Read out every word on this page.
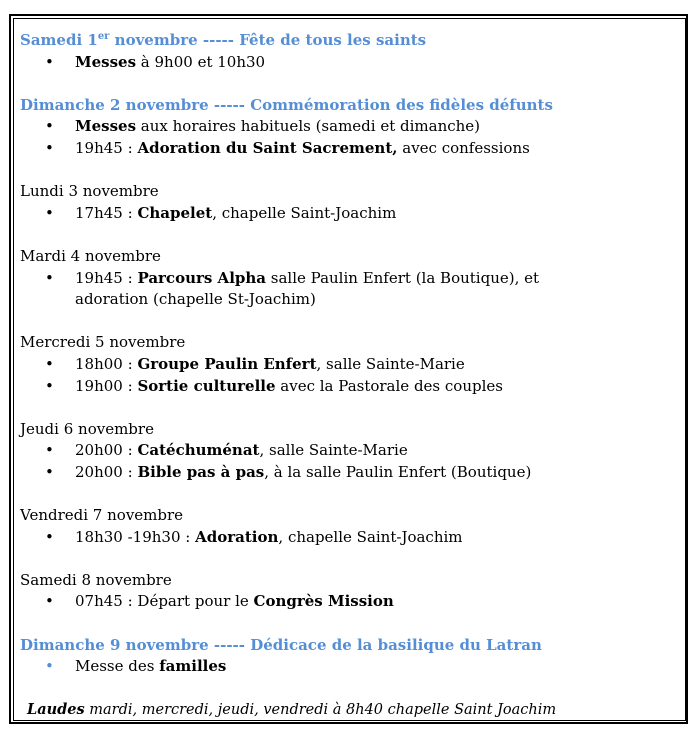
Samedi 1er novembre ----- Fête de tous les saints
• Messes à 9h00 et 10h30
Dimanche 2 novembre ----- Commémoration des fidèles défunts
• Messes aux horaires habituels (samedi et dimanche)
• 19h45 : Adoration du Saint Sacrement, avec confessions
Lundi 3 novembre
• 17h45 : Chapelet, chapelle Saint-Joachim
Mardi 4 novembre
• 19h45 : Parcours Alpha salle Paulin Enfert (la Boutique), et
adoration (chapelle St-Joachim)
Mercredi 5 novembre
• 18h00 : Groupe Paulin Enfert, salle Sainte-Marie
• 19h00 : Sortie culturelle avec la Pastorale des couples
Jeudi 6 novembre
• 20h00 : Catéchuménat, salle Sainte-Marie
• 20h00 : Bible pas à pas, à la salle Paulin Enfert (Boutique)
Vendredi 7 novembre
• 18h30 -19h30 : Adoration, chapelle Saint-Joachim
Samedi 8 novembre
• 07h45 : Départ pour le Congrès Mission
Dimanche 9 novembre ----- Dédicace de la basilique du Latran
• Messe des familles
Laudes mardi, mercredi, jeudi, vendredi à 8h40 chapelle Saint Joachim
